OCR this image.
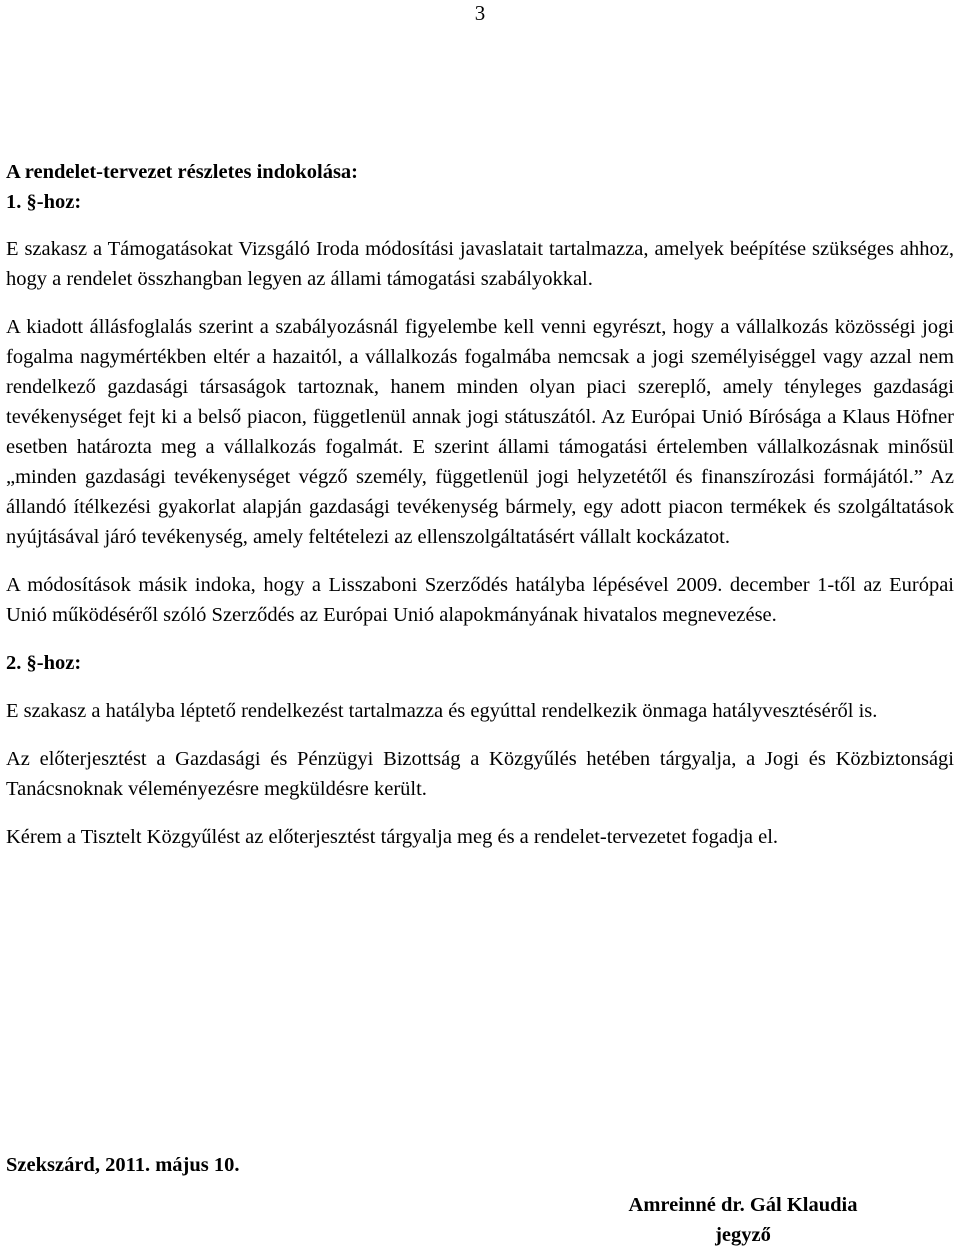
3

A rendelet-tervezet részletes indokolása:

1. §-hoz:

E szakasz a Támogatásokat Vizsgáló Iroda módosítási javaslatait tartalmazza, amelyek beépítése szükséges ahhoz, hogy a rendelet összhangban legyen az állami támogatási szabályokkal.

A kiadott állásfoglalás szerint a szabályozásnál figyelembe kell venni egyrészt, hogy a vállalkozás közösségi jogi fogalma nagymértékben eltér a hazaitól, a vállalkozás fogalmába nemcsak a jogi személyiséggel vagy azzal nem rendelkező gazdasági társaságok tartoznak, hanem minden olyan piaci szereplő, amely tényleges gazdasági tevékenységet fejt ki a belső piacon, függetlenül annak jogi státuszától. Az Európai Unió Bírósága a Klaus Höfner esetben határozta meg a vállalkozás fogalmát. E szerint állami támogatási értelemben vállalkozásnak minősül „minden gazdasági tevékenységet végző személy, függetlenül jogi helyzetétől és finanszírozási formájától.” Az állandó ítélkezési gyakorlat alapján gazdasági tevékenység bármely, egy adott piacon termékek és szolgáltatások nyújtásával járó tevékenység, amely feltételezi az ellenszolgáltatásért vállalt kockázatot.

A módosítások másik indoka, hogy a Lisszaboni Szerződés hatályba lépésével 2009. december 1-től az Európai Unió működéséről szóló Szerződés az Európai Unió alapokmányának hivatalos megnevezése.

2. §-hoz:

E szakasz a hatályba léptető rendelkezést tartalmazza és egyúttal rendelkezik önmaga hatályvesztéséről is.

Az előterjesztést a Gazdasági és Pénzügyi Bizottság a Közgyűlés hetében tárgyalja, a Jogi és Közbiztonsági Tanácsnoknak véleményezésre megküldésre került.

Kérem a Tisztelt Közgyűlést az előterjesztést tárgyalja meg és a rendelet-tervezetet fogadja el.

Szekszárd, 2011. május 10.
Amreinné dr. Gál Klaudia
jegyző
